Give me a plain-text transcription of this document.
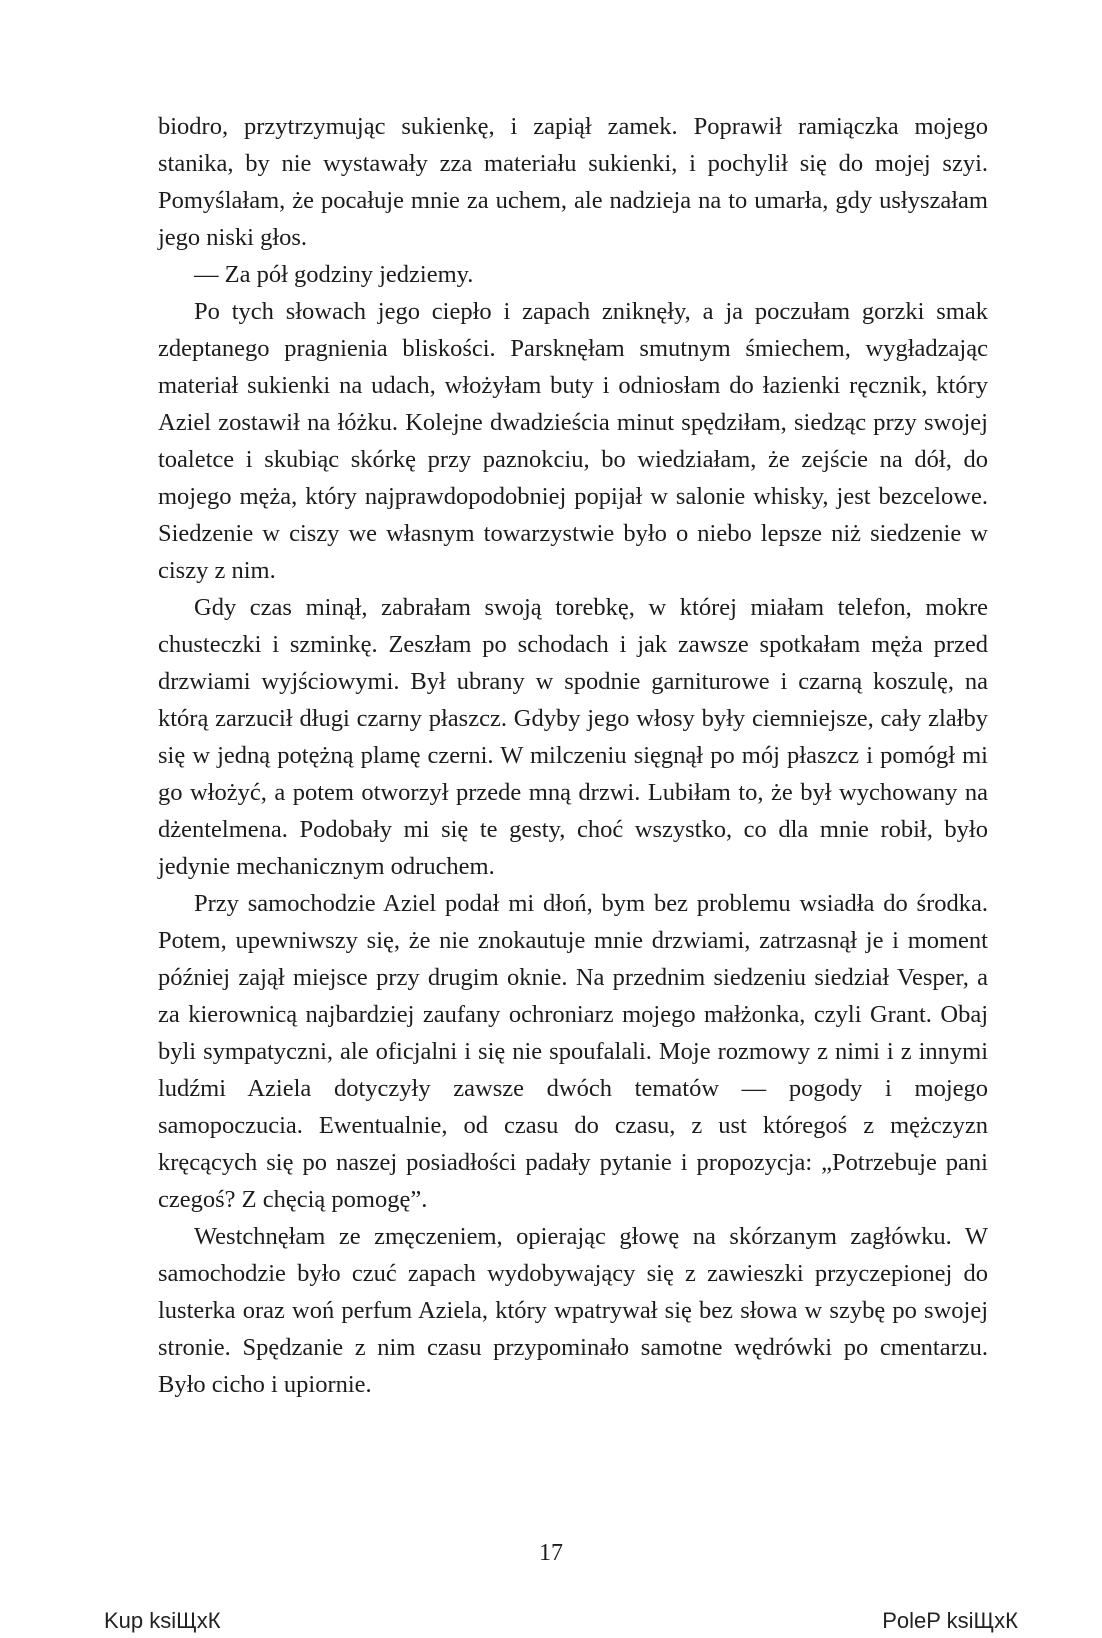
biodro, przytrzymując sukienkę, i zapiął zamek. Poprawił ramiączka mojego stanika, by nie wystawały zza materiału sukienki, i pochylił się do mojej szyi. Pomyślałam, że pocałuje mnie za uchem, ale nadzieja na to umarła, gdy usłyszałam jego niski głos.

— Za pół godziny jedziemy.

Po tych słowach jego ciepło i zapach zniknęły, a ja poczułam gorzki smak zdeptanego pragnienia bliskości. Parsknęłam smutnym śmiechem, wygładzając materiał sukienki na udach, włożyłam buty i odniosłam do łazienki ręcznik, który Aziel zostawił na łóżku. Kolejne dwadzieścia minut spędziłam, siedząc przy swojej toaletce i skubiąc skórkę przy paznokciu, bo wiedziałam, że zejście na dół, do mojego męża, który najprawdopodobniej popijał w salonie whisky, jest bezcelowe. Siedzenie w ciszy we własnym towarzystwie było o niebo lepsze niż siedzenie w ciszy z nim.

Gdy czas minął, zabrałam swoją torebkę, w której miałam telefon, mokre chusteczki i szminkę. Zeszłam po schodach i jak zawsze spotkałam męża przed drzwiami wyjściowymi. Był ubrany w spodnie garniturowe i czarną koszulę, na którą zarzucił długi czarny płaszcz. Gdyby jego włosy były ciemniejsze, cały zlałby się w jedną potężną plamę czerni. W milczeniu sięgnął po mój płaszcz i pomógł mi go włożyć, a potem otworzył przede mną drzwi. Lubiłam to, że był wychowany na dżentelmena. Podobały mi się te gesty, choć wszystko, co dla mnie robił, było jedynie mechanicznym odruchem.

Przy samochodzie Aziel podał mi dłoń, bym bez problemu wsiadła do środka. Potem, upewniwszy się, że nie znokautuje mnie drzwiami, zatrzasnął je i moment później zajął miejsce przy drugim oknie. Na przednim siedzeniu siedział Vesper, a za kierownicą najbardziej zaufany ochroniarz mojego małżonka, czyli Grant. Obaj byli sympatyczni, ale oficjalni i się nie spoufalali. Moje rozmowy z nimi i z innymi ludźmi Aziela dotyczyły zawsze dwóch tematów — pogody i mojego samopoczucia. Ewentualnie, od czasu do czasu, z ust któregoś z mężczyzn kręcących się po naszej posiadłości padały pytanie i propozycja: „Potrzebuje pani czegoś? Z chęcią pomogę”.

Westchnęłam ze zmęczeniem, opierając głowę na skórzanym zagłówku. W samochodzie było czuć zapach wydobywający się z zawieszki przyczepionej do lusterka oraz woń perfum Aziela, który wpatrywał się bez słowa w szybę po swojej stronie. Spędzanie z nim czasu przypominało samotne wędrówki po cmentarzu. Było cicho i upiornie.

17
Kup ksiЩхК	PoleP ksiЩхК
